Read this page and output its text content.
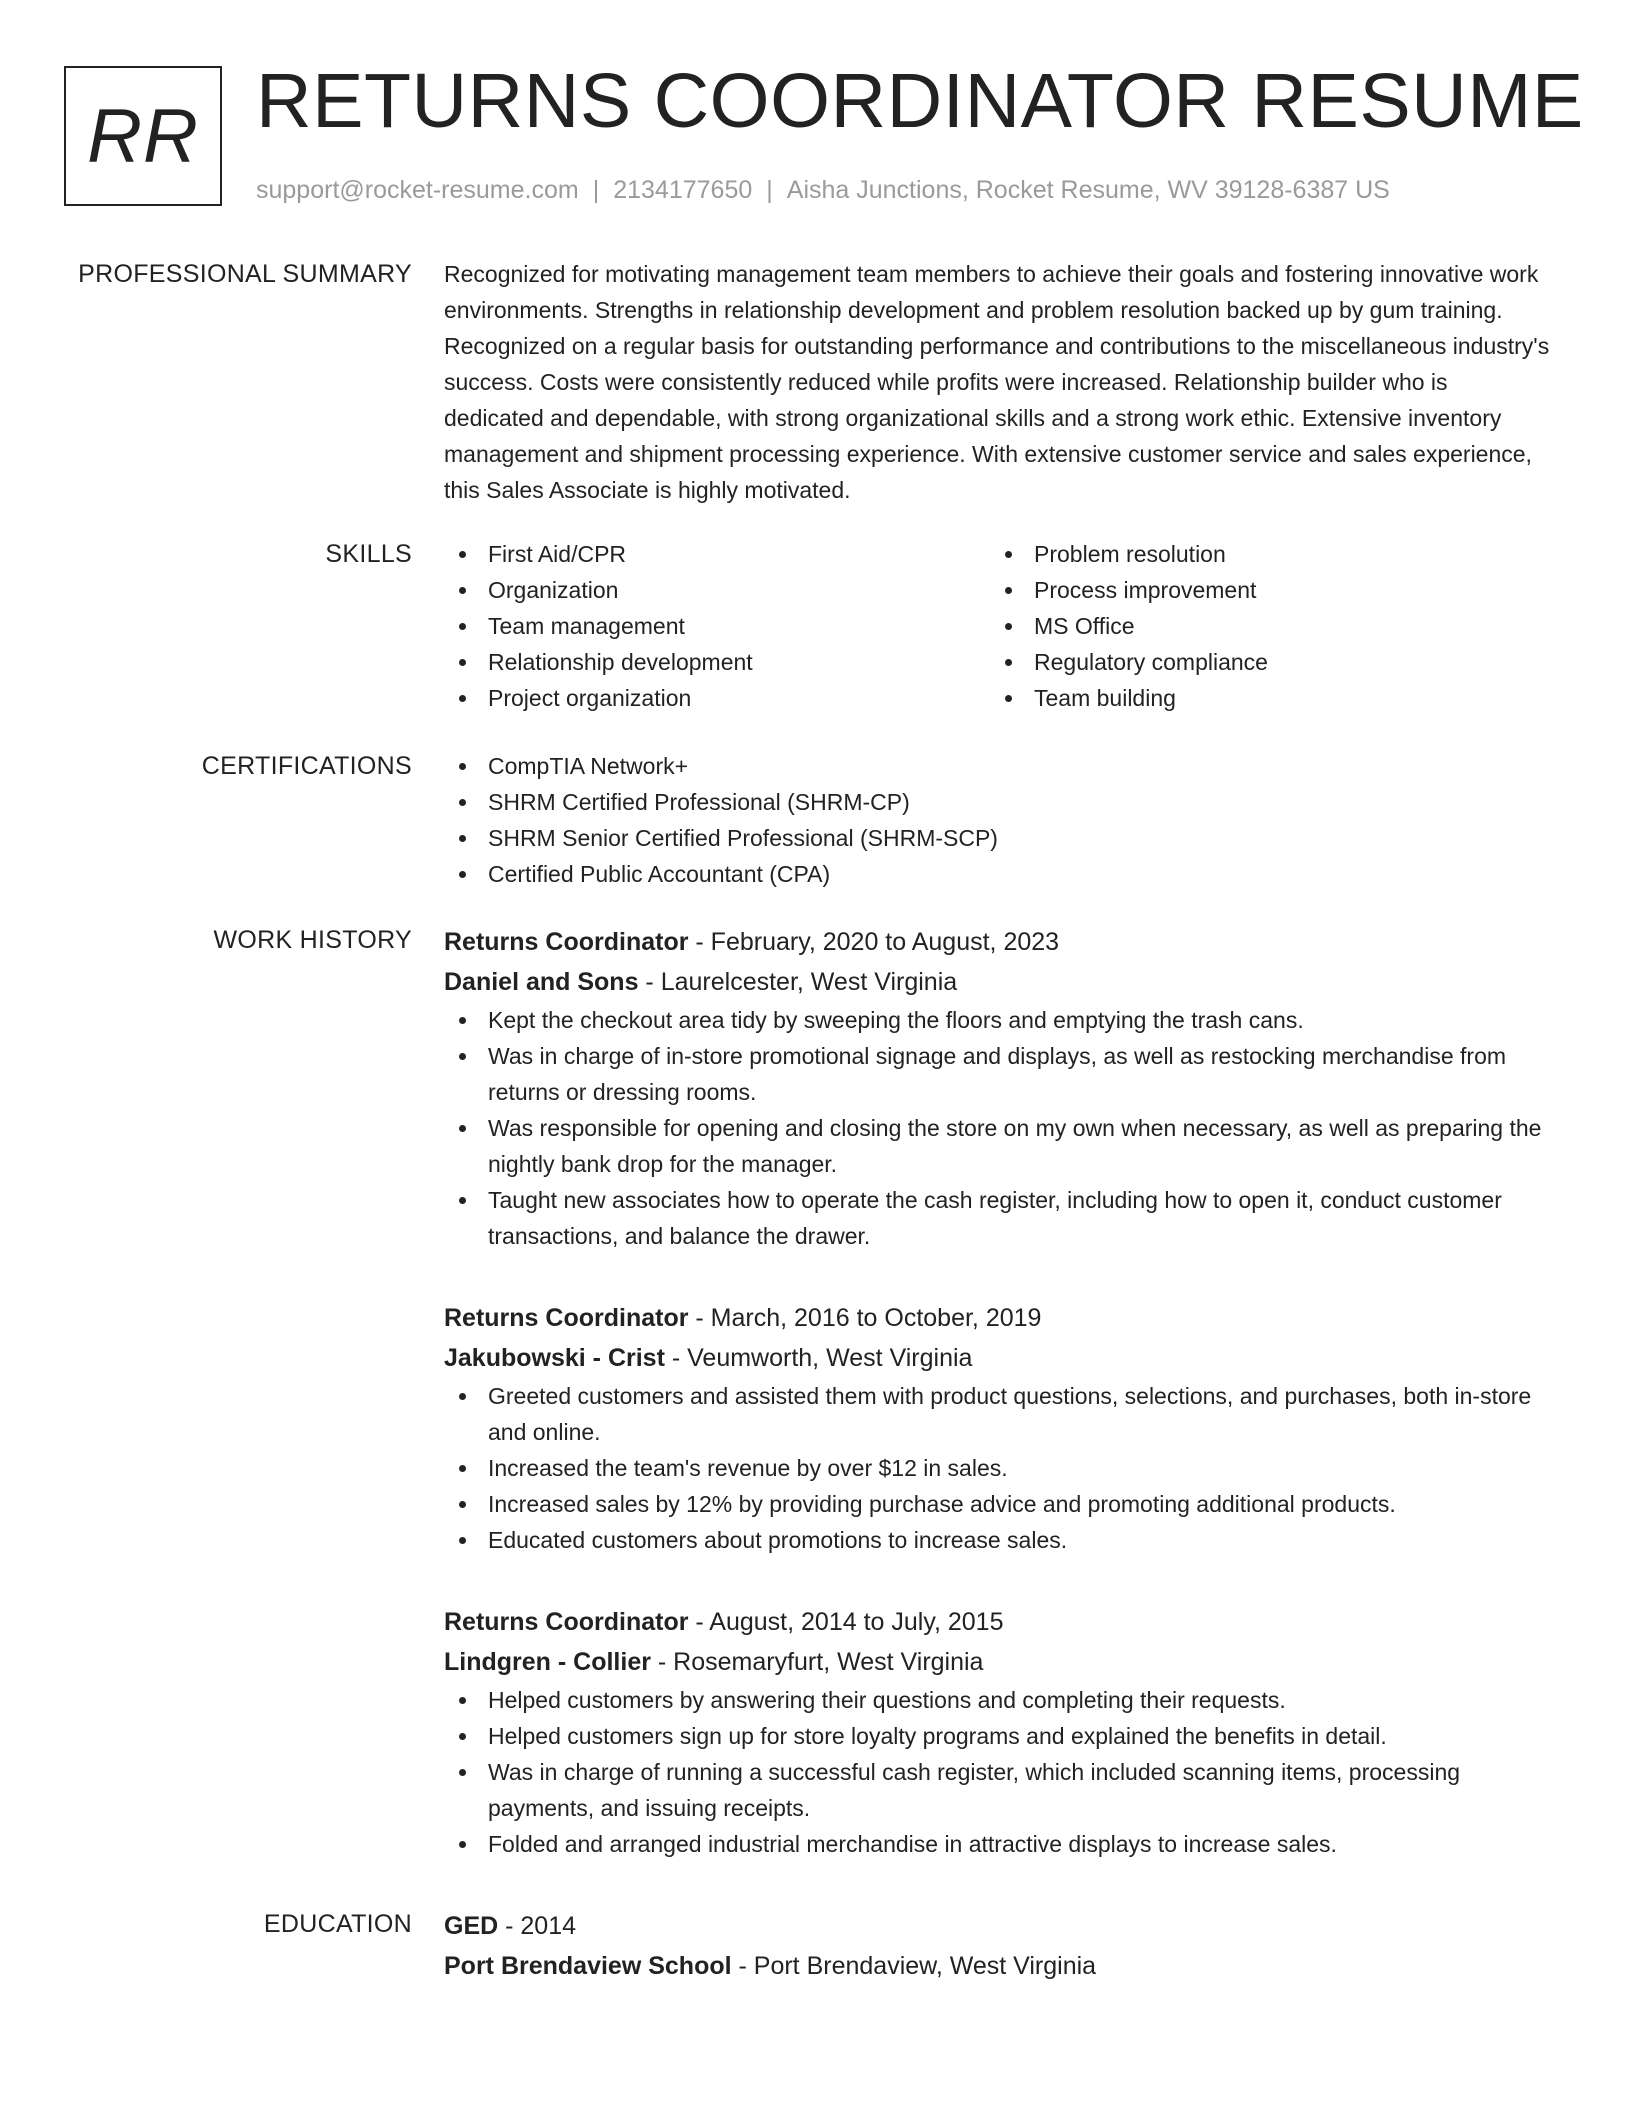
RR RETURNS COORDINATOR RESUME
support@rocket-resume.com | 2134177650 | Aisha Junctions, Rocket Resume, WV 39128-6387 US
PROFESSIONAL SUMMARY Recognized for motivating management team members to achieve their goals and fostering innovative work environments. Strengths in relationship development and problem resolution backed up by gum training. Recognized on a regular basis for outstanding performance and contributions to the miscellaneous industry's success. Costs were consistently reduced while profits were increased. Relationship builder who is dedicated and dependable, with strong organizational skills and a strong work ethic. Extensive inventory management and shipment processing experience. With extensive customer service and sales experience, this Sales Associate is highly motivated.

SKILLS	First Aid/CPR
Organization
Team management
Relationship development
Project organization
Problem resolution
Process improvement
MS Office
Regulatory compliance
Team building
CERTIFICATIONS	CompTIA Network+
SHRM Certified Professional (SHRM-CP)
SHRM Senior Certified Professional (SHRM-SCP)
Certified Public Accountant (CPA)
WORK HISTORY Returns Coordinator - February, 2020 to August, 2023
Daniel and Sons - Laurelcester, West Virginia
Kept the checkout area tidy by sweeping the floors and emptying the trash cans.
Was in charge of in-store promotional signage and displays, as well as restocking merchandise from returns or dressing rooms.
Was responsible for opening and closing the store on my own when necessary, as well as preparing the nightly bank drop for the manager.
Taught new associates how to operate the cash register, including how to open it, conduct customer transactions, and balance the drawer.
Returns Coordinator - March, 2016 to October, 2019
Jakubowski - Crist - Veumworth, West Virginia
Greeted customers and assisted them with product questions, selections, and purchases, both in-store and online.
Increased the team's revenue by over $12 in sales.
Increased sales by 12% by providing purchase advice and promoting additional products.
Educated customers about promotions to increase sales.
Returns Coordinator - August, 2014 to July, 2015
Lindgren - Collier - Rosemaryfurt, West Virginia
Helped customers by answering their questions and completing their requests.
Helped customers sign up for store loyalty programs and explained the benefits in detail.
Was in charge of running a successful cash register, which included scanning items, processing payments, and issuing receipts.
Folded and arranged industrial merchandise in attractive displays to increase sales.
EDUCATION GED - 2014
Port Brendaview School - Port Brendaview, West Virginia
